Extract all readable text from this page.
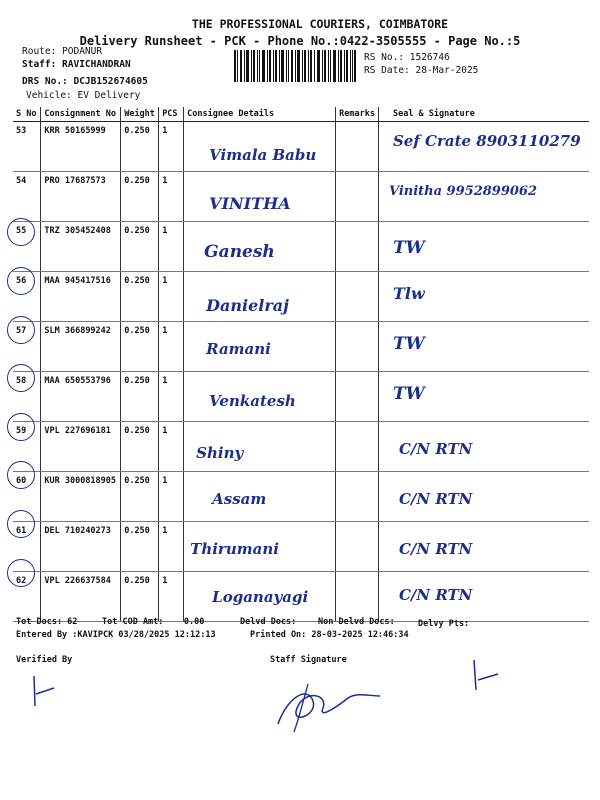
THE PROFESSIONAL COURIERS, COIMBATORE
Delivery Runsheet - PCK - Phone No.:0422-3505555 - Page No.:5
Route: PODANUR
Staff: RAVICHANDRAN
DRS No.: DCJB152674605
Vehicle: EV Delivery
RS No.: 1526746
RS Date: 28-Mar-2025
S No	Consignment No	Weight	PCS	Consignee Details	Remarks	Seal & Signature
53	KRR 50165999	0.250	1	Vimala Babu		Sef Crate 8903110279

54	PRO 17687573	0.250	1	VINITHA		Vinitha 9952899062

55	TRZ 305452408	0.250	1	Ganesh		TW

56	MAA 945417516	0.250	1	Danielraj		Tlw

57	SLM 366899242	0.250	1	Ramani		TW

58	MAA 650553796	0.250	1	Venkatesh		TW

59	VPL 227696181	0.250	1	Shiny		C/N RTN

60	KUR 3000818905	0.250	1	Assam		C/N RTN

61	DEL 710240273	0.250	1	Thirumani		C/N RTN

62	VPL 226637584	0.250	1	Loganayagi		C/N RTN
Tot Docs: 62	Tot COD Amt:    0.00	Delvd Docs:	Non Delvd Docs:	Delvy Pts:
Entered By :KAVIPCK 03/28/2025 12:12:13	Printed On: 28-03-2025 12:46:34
Verified By	Staff Signature
